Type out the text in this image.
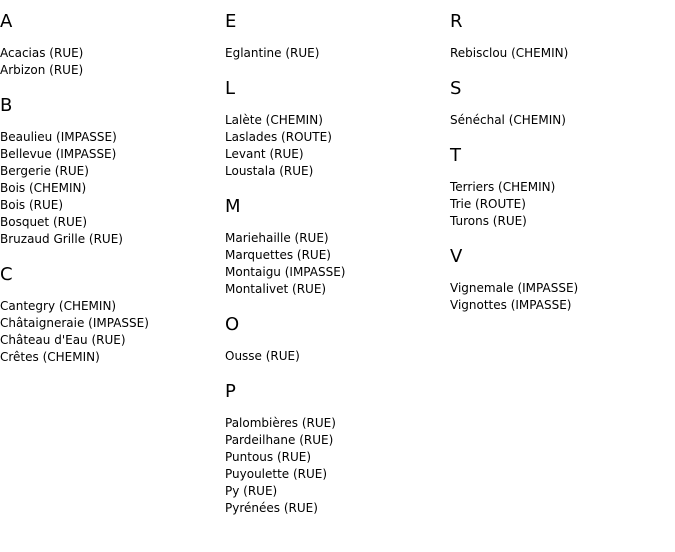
A
Acacias (RUE)
Arbizon (RUE)
B
Beaulieu (IMPASSE)
Bellevue (IMPASSE)
Bergerie (RUE)
Bois (CHEMIN)
Bois (RUE)
Bosquet (RUE)
Bruzaud Grille (RUE)
C
Cantegry (CHEMIN)
Châtaigneraie (IMPASSE)
Château d'Eau (RUE)
Crêtes (CHEMIN)
E
Eglantine (RUE)
L
Lalète (CHEMIN)
Laslades (ROUTE)
Levant (RUE)
Loustala (RUE)
M
Mariehaille (RUE)
Marquettes (RUE)
Montaigu (IMPASSE)
Montalivet (RUE)
O
Ousse (RUE)
P
Palombières (RUE)
Pardeilhane (RUE)
Puntous (RUE)
Puyoulette (RUE)
Py (RUE)
Pyrénées (RUE)
R
Rebisclou (CHEMIN)
S
Sénéchal (CHEMIN)
T
Terriers (CHEMIN)
Trie (ROUTE)
Turons (RUE)
V
Vignemale (IMPASSE)
Vignottes (IMPASSE)
